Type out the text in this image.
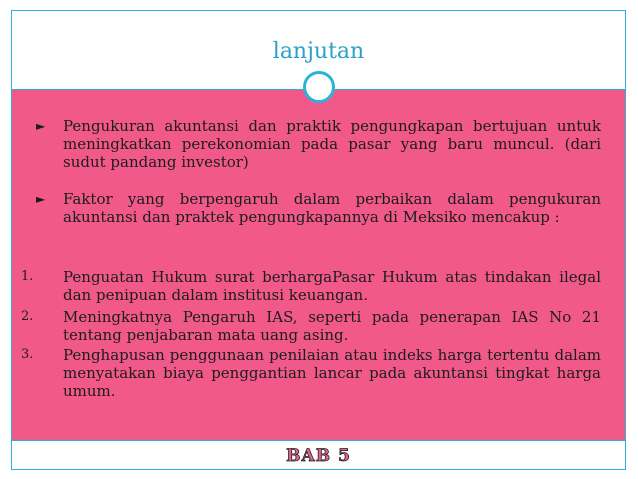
lanjutan
► Pengukuran akuntansi dan praktik pengungkapan bertujuan untuk meningkatkan perekonomian pada pasar yang baru muncul. (dari sudut pandang investor)
► Faktor yang berpengaruh dalam perbaikan dalam pengukuran akuntansi dan praktek pengungkapannya di Meksiko mencakup :
1. Penguatan Hukum surat berhargaPasar Hukum atas tindakan ilegal dan penipuan dalam institusi keuangan.
2. Meningkatnya Pengaruh IAS, seperti pada penerapan IAS No 21 tentang penjabaran mata uang asing.
3. Penghapusan penggunaan penilaian atau indeks harga tertentu dalam menyatakan biaya penggantian lancar pada akuntansi tingkat harga umum.
BAB 5
